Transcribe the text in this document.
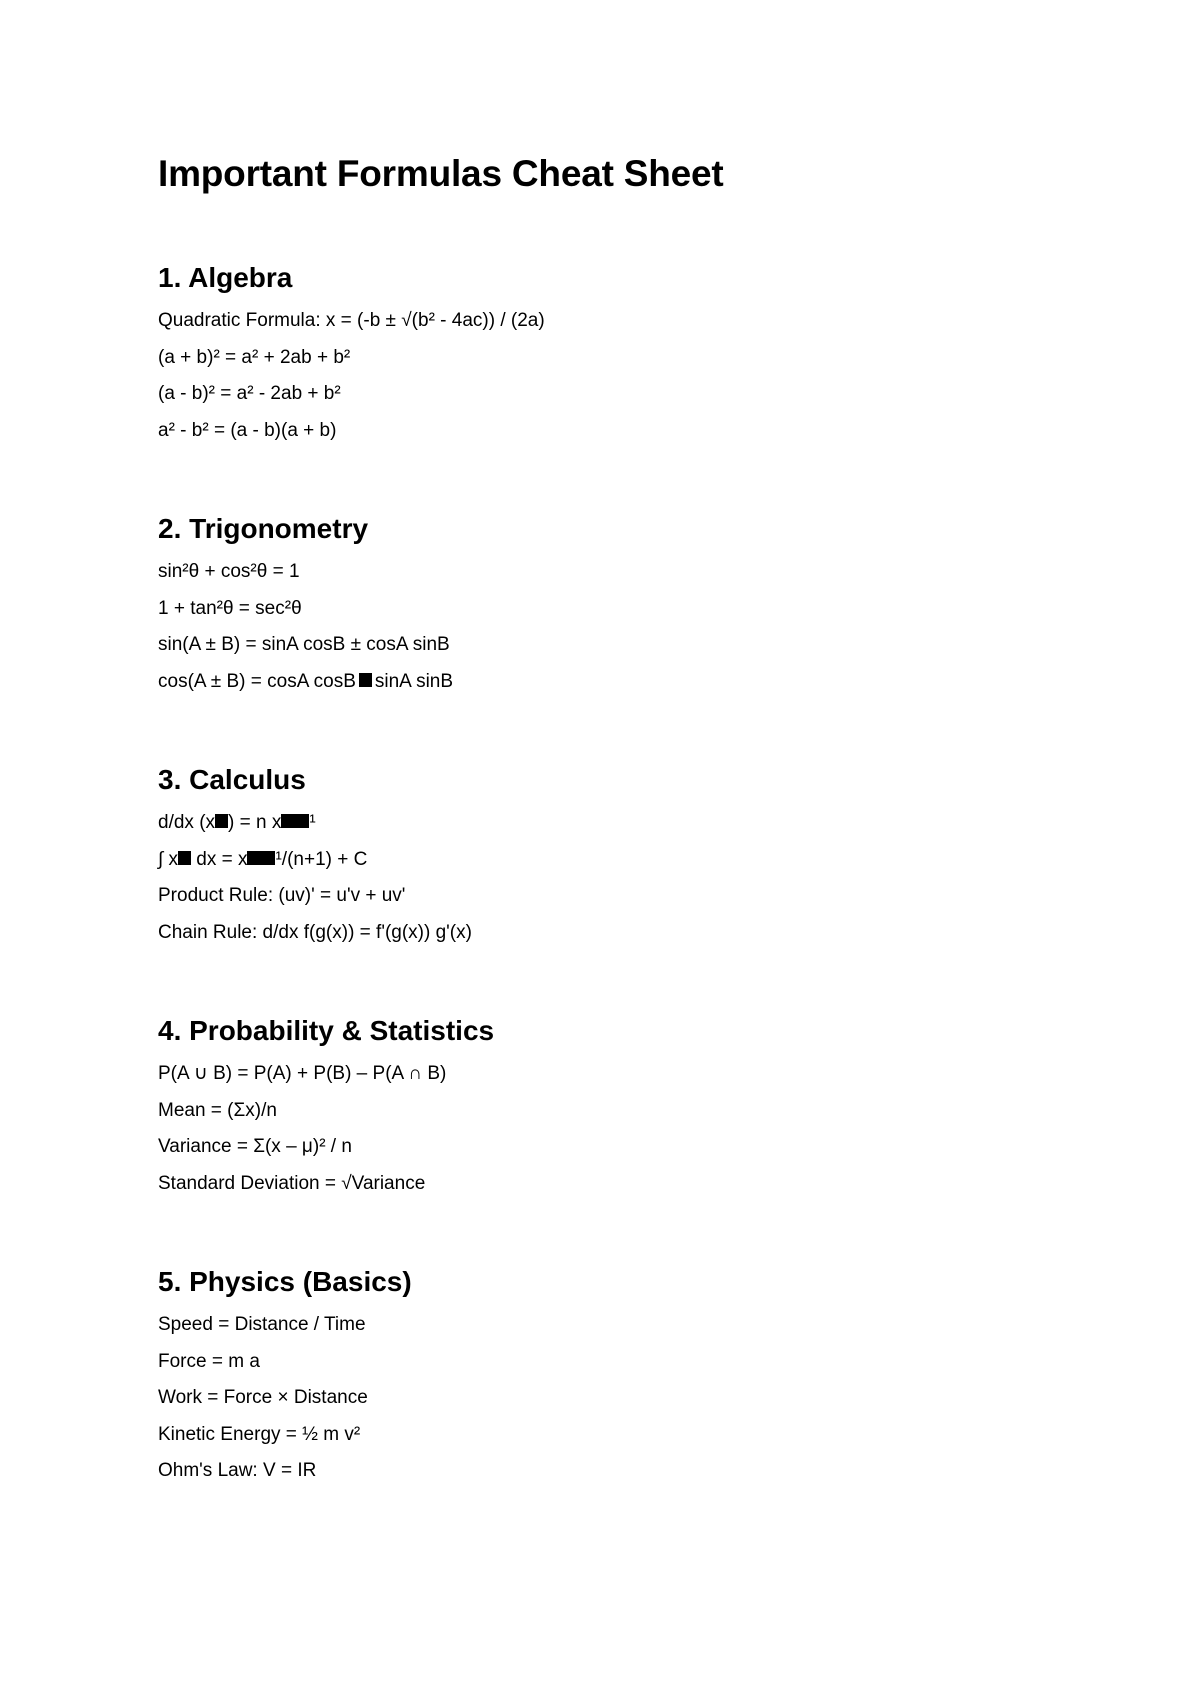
Important Formulas Cheat Sheet
1. Algebra
Quadratic Formula: x = (-b ± √(b² - 4ac)) / (2a)
(a + b)² = a² + 2ab + b²
(a - b)² = a² - 2ab + b²
a² - b² = (a - b)(a + b)
2. Trigonometry
sin²θ + cos²θ = 1
1 + tan²θ = sec²θ
sin(A ± B) = sinA cosB ± cosA sinB
cos(A ± B) = cosA cosB sinA sinB
3. Calculus
d/dx (x ) = n x ¹
∫ x dx = x ¹/(n+1) + C
Product Rule: (uv)' = u'v + uv'
Chain Rule: d/dx f(g(x)) = f'(g(x)) g'(x)
4. Probability & Statistics
P(A ∪ B) = P(A) + P(B) – P(A ∩ B)
Mean = (Σx)/n
Variance = Σ(x – μ)² / n
Standard Deviation = √Variance
5. Physics (Basics)
Speed = Distance / Time
Force = m a
Work = Force × Distance
Kinetic Energy = ½ m v²
Ohm's Law: V = IR
